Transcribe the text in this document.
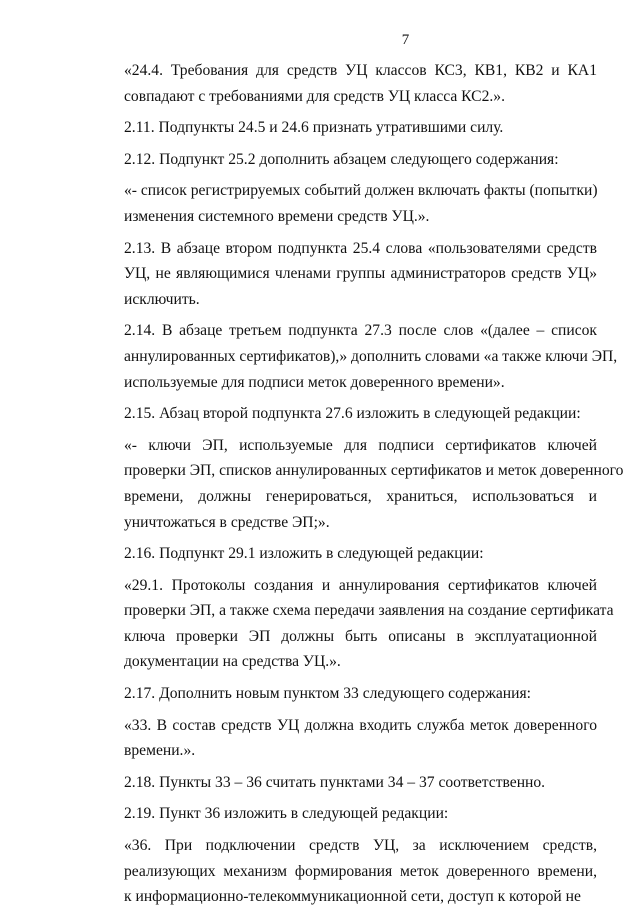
7

«24.4. Требования для средств УЦ классов КС3, КВ1, КВ2 и КА1
совпадают с требованиями для средств УЦ класса КС2.».

2.11. Подпункты 24.5 и 24.6 признать утратившими силу.

2.12. Подпункт 25.2 дополнить абзацем следующего содержания:

«- список регистрируемых событий должен включать факты (попытки)
изменения системного времени средств УЦ.».

2.13. В абзаце втором подпункта 25.4 слова «пользователями средств
УЦ, не являющимися членами группы администраторов средств УЦ»
исключить.

2.14. В абзаце третьем подпункта 27.3 после слов «(далее – список
аннулированных сертификатов),» дополнить словами «а также ключи ЭП,
используемые для подписи меток доверенного времени».

2.15. Абзац второй подпункта 27.6 изложить в следующей редакции:

«- ключи ЭП, используемые для подписи сертификатов ключей
проверки ЭП, списков аннулированных сертификатов и меток доверенного
времени, должны генерироваться, храниться, использоваться и
уничтожаться в средстве ЭП;».

2.16. Подпункт 29.1 изложить в следующей редакции:

«29.1. Протоколы создания и аннулирования сертификатов ключей
проверки ЭП, а также схема передачи заявления на создание сертификата
ключа проверки ЭП должны быть описаны в эксплуатационной
документации на средства УЦ.».

2.17. Дополнить новым пунктом 33 следующего содержания:

«33. В состав средств УЦ должна входить служба меток доверенного
времени.».

2.18. Пункты 33 – 36 считать пунктами 34 – 37 соответственно.

2.19. Пункт 36 изложить в следующей редакции:

«36. При подключении средств УЦ, за исключением средств,
реализующих механизм формирования меток доверенного времени,
к информационно-телекоммуникационной сети, доступ к которой не
